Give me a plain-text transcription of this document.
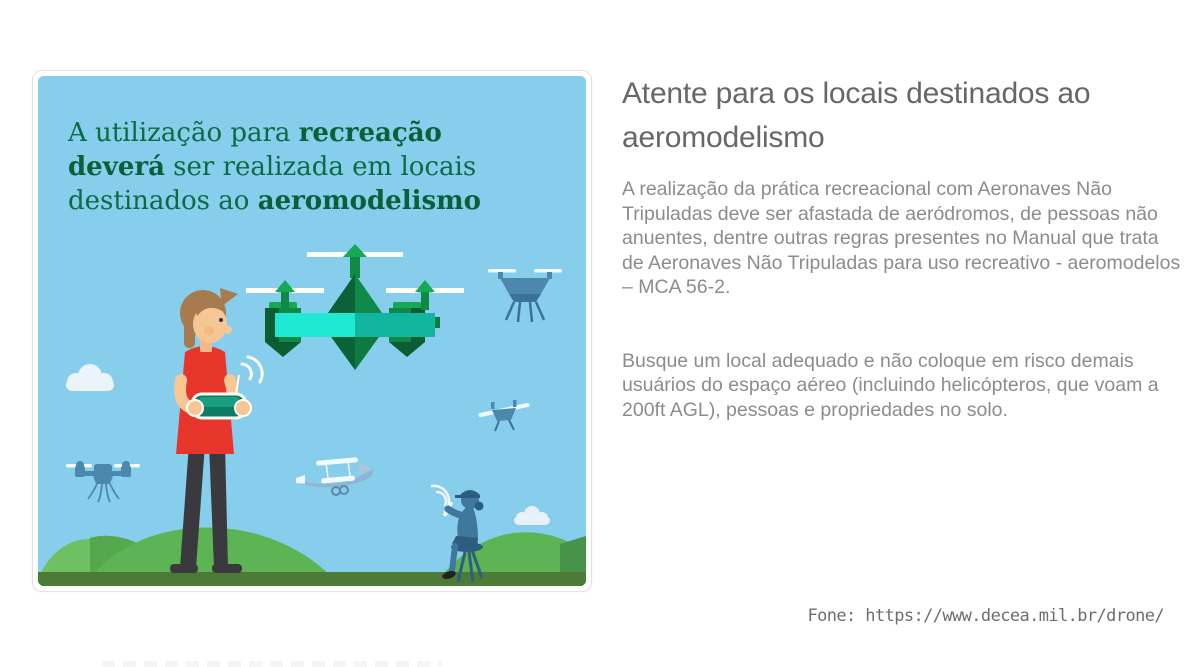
A utilização para recreação
deverá ser realizada em locais
destinados ao aeromodelismo
Atente para os locais destinados ao aeromodelismo

A realização da prática recreacional com Aeronaves Não Tripuladas deve ser afastada de aeródromos, de pessoas não anuentes, dentre outras regras presentes no Manual que trata de Aeronaves Não Tripuladas para uso recreativo - aeromodelos – MCA 56-2.

Busque um local adequado e não coloque em risco demais usuários do espaço aéreo (incluindo helicópteros, que voam a 200ft AGL), pessoas e propriedades no solo.

Fone: https://www.decea.mil.br/drone/
